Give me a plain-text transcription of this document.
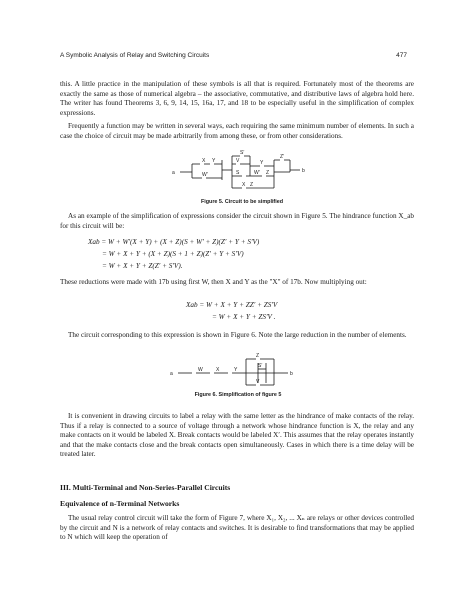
A Symbolic Analysis of Relay and Switching Circuits	477

this. A little practice in the manipulation of these symbols is all that is required. Fortunately most of the theorems are exactly the same as those of numerical algebra – the associative, commutative, and distributive laws of algebra hold here. The writer has found Theorems 3, 6, 9, 14, 15, 16a, 17, and 18 to be especially useful in the simplification of complex expressions.

Frequently a function may be written in several ways, each requiring the same minimum number of elements. In such a case the choice of circuit may be made arbitrarily from among these, or from other considerations.

a
X Y
W′
S′
V	Y
Z′
S	W′ Z
X Z
b
Figure 5. Circuit to be simplified

As an example of the simplification of expressions consider the circuit shown in Figure 5. The hindrance function X_ab for this circuit will be:

Xab = W + W′(X + Y) + (X + Z)(S + W′ + Z)(Z′ + Y + S′V)
= W + X + Y + (X + Z)(S + 1 + Z)(Z′ + Y + S′V)
= W + X + Y + Z(Z′ + S′V).

These reductions were made with 17b using first W, then X and Y as the "X" of 17b. Now multiplying out:

Xab = W + X + Y + ZZ′ + ZS′V
= W + X + Y + ZS′V .

The circuit corresponding to this expression is shown in Figure 6. Note the large reduction in the number of elements.

a
W	X	Y
Z
S′
V
b
Figure 6. Simplification of figure 5

It is convenient in drawing circuits to label a relay with the same letter as the hindrance of make contacts of the relay. Thus if a relay is connected to a source of voltage through a network whose hindrance function is X, the relay and any make contacts on it would be labeled X. Break contacts would be labeled X′. This assumes that the relay operates instantly and that the make contacts close and the break contacts open simultaneously. Cases in which there is a time delay will be treated later.

III. Multi-Terminal and Non-Series-Parallel Circuits
Equivalence of n-Terminal Networks

The usual relay control circuit will take the form of Figure 7, where X₁, X₂, ... Xₙ are relays or other devices controlled by the circuit and N is a network of relay contacts and switches. It is desirable to find transformations that may be applied to N which will keep the operation of
